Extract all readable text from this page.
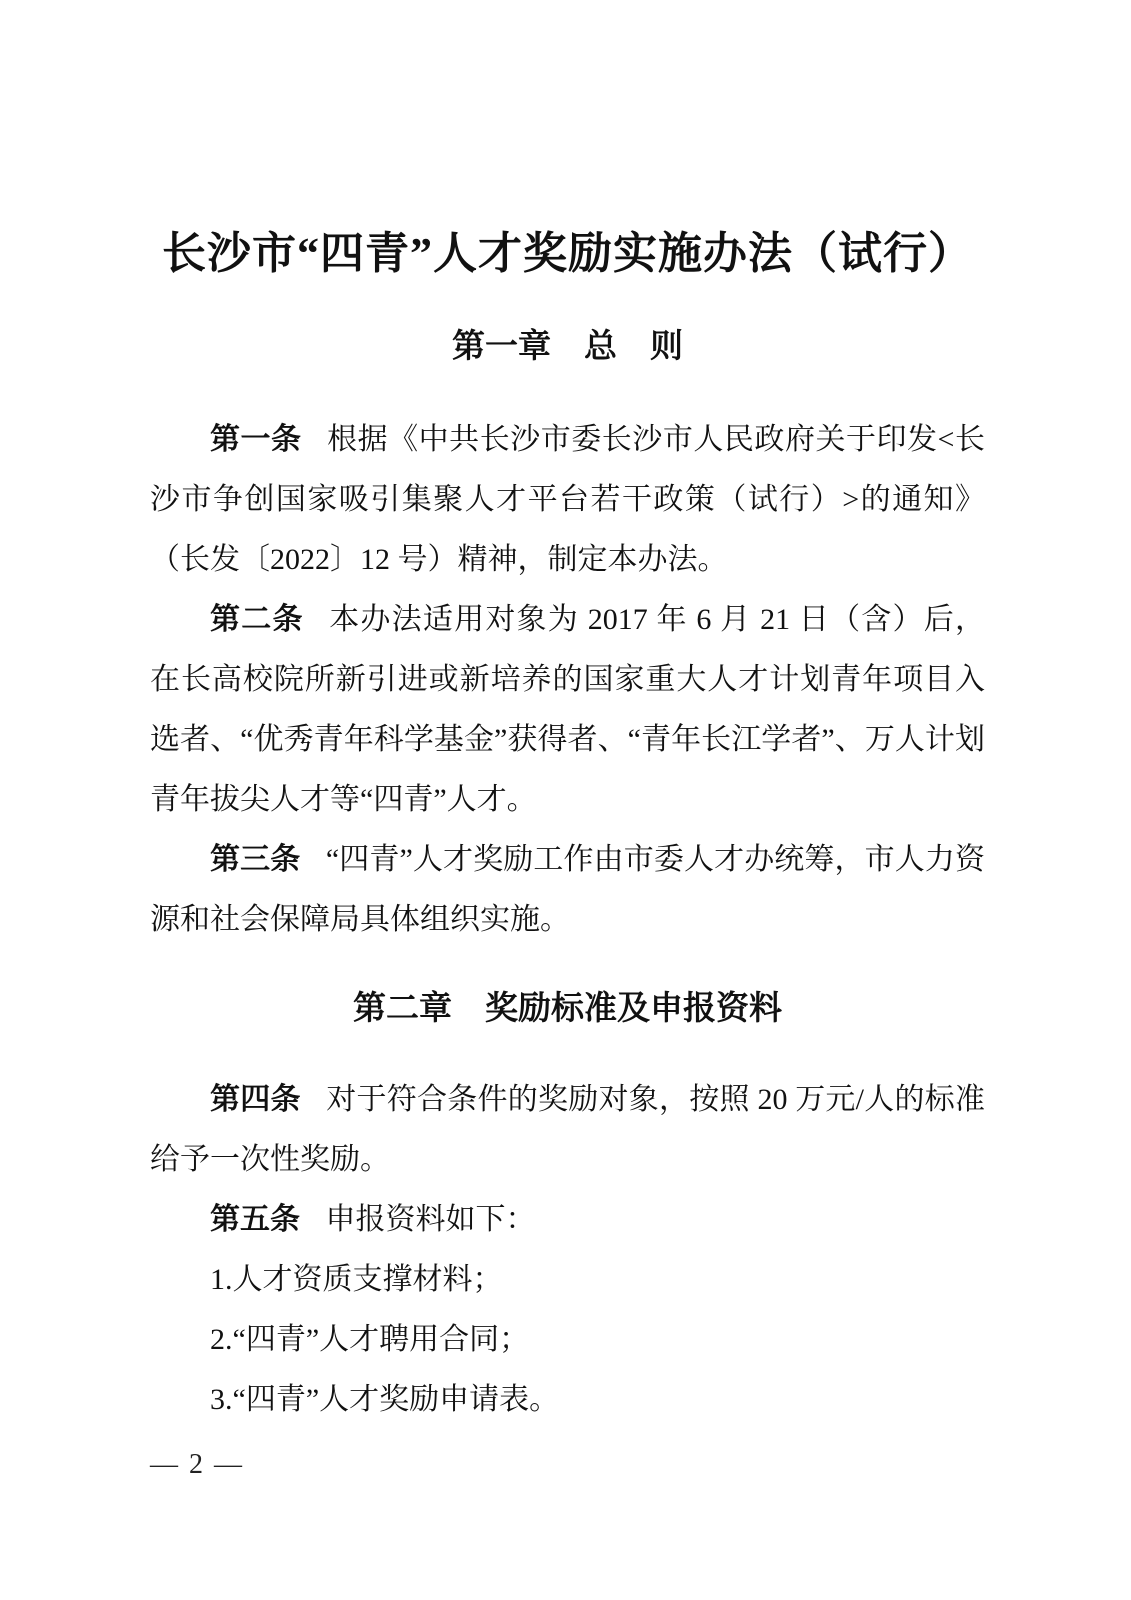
长沙市“四青”人才奖励实施办法（试行）
第一章　总　则

第一条 根据《中共长沙市委长沙市人民政府关于印发<长沙市争创国家吸引集聚人才平台若干政策（试行）>的通知》（长发〔2022〕12 号）精神，制定本办法。

第二条 本办法适用对象为 2017 年 6 月 21 日（含）后，在长高校院所新引进或新培养的国家重大人才计划青年项目入选者、“优秀青年科学基金”获得者、“青年长江学者”、万人计划青年拔尖人才等“四青”人才。

第三条 “四青”人才奖励工作由市委人才办统筹，市人力资源和社会保障局具体组织实施。

第二章　奖励标准及申报资料

第四条 对于符合条件的奖励对象，按照 20 万元/人的标准给予一次性奖励。

第五条 申报资料如下：

1.人才资质支撑材料；

2.“四青”人才聘用合同；

3.“四青”人才奖励申请表。

— 2 —
